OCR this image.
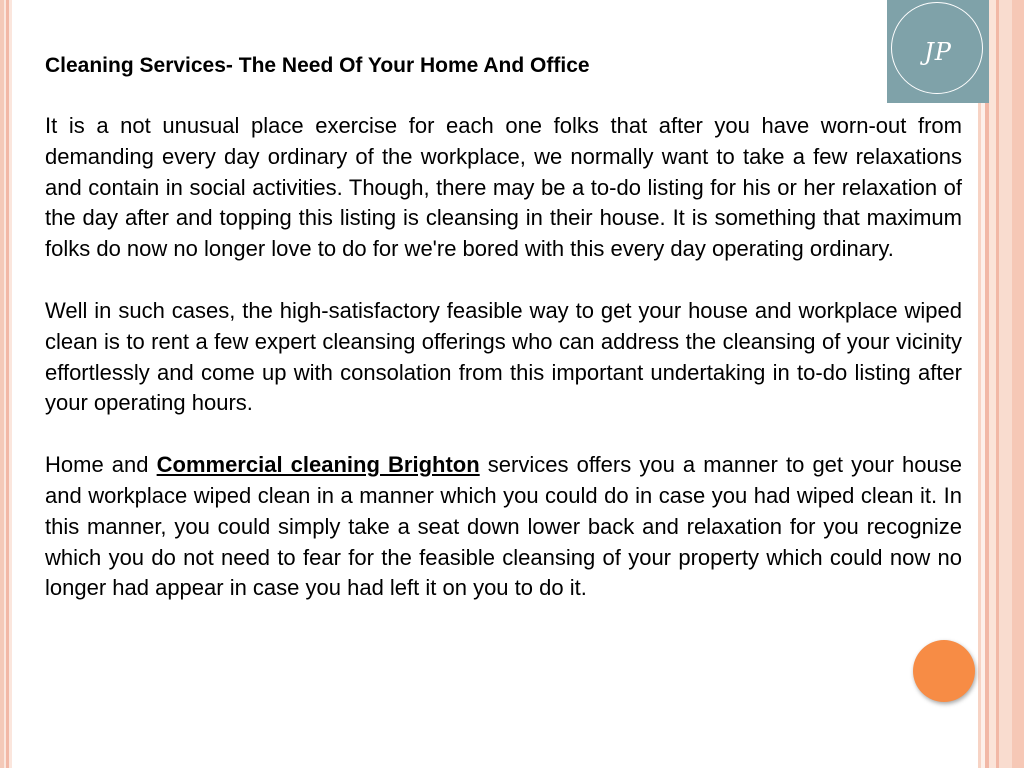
JP
Cleaning Services- The Need Of Your Home And Office
It is a not unusual place exercise for each one folks that after you have worn-out from demanding every day ordinary of the workplace, we normally want to take a few relaxations and contain in social activities. Though, there may be a to-do listing for his or her relaxation of the day after and topping this listing is cleansing in their house. It is something that maximum folks do now no longer love to do for we're bored with this every day operating ordinary.
Well in such cases, the high-satisfactory feasible way to get your house and workplace wiped clean is to rent a few expert cleansing offerings who can address the cleansing of your vicinity effortlessly and come up with consolation from this important undertaking in to-do listing after your operating hours.
Home and Commercial cleaning Brighton services offers you a manner to get your house and workplace wiped clean in a manner which you could do in case you had wiped clean it. In this manner, you could simply take a seat down lower back and relaxation for you recognize which you do not need to fear for the feasible cleansing of your property which could now no longer had appear in case you had left it on you to do it.
